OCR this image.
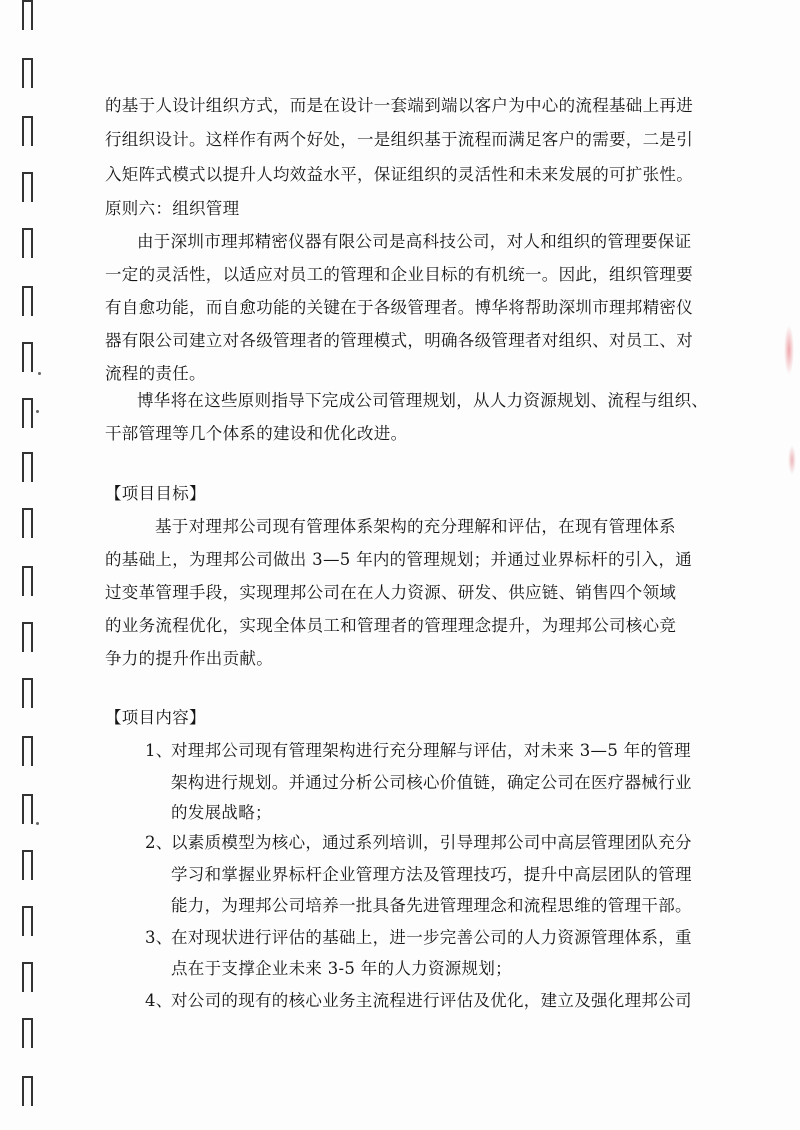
的基于人设计组织方式，而是在设计一套端到端以客户为中心的流程基础上再进
行组织设计。这样作有两个好处，一是组织基于流程而满足客户的需要，二是引
入矩阵式模式以提升人均效益水平，保证组织的灵活性和未来发展的可扩张性。
原则六：组织管理
由于深圳市理邦精密仪器有限公司是高科技公司，对人和组织的管理要保证
一定的灵活性，以适应对员工的管理和企业目标的有机统一。因此，组织管理要
有自愈功能，而自愈功能的关键在于各级管理者。博华将帮助深圳市理邦精密仪
器有限公司建立对各级管理者的管理模式，明确各级管理者对组织、对员工、对
流程的责任。
博华将在这些原则指导下完成公司管理规划，从人力资源规划、流程与组织、
干部管理等几个体系的建设和优化改进。
【项目目标】
基于对理邦公司现有管理体系架构的充分理解和评估，在现有管理体系
的基础上，为理邦公司做出 3—5 年内的管理规划；并通过业界标杆的引入，通
过变革管理手段，实现理邦公司在在人力资源、研发、供应链、销售四个领域
的业务流程优化，实现全体员工和管理者的管理理念提升，为理邦公司核心竞
争力的提升作出贡献。
【项目内容】
1、对理邦公司现有管理架构进行充分理解与评估，对未来 3—5 年的管理
架构进行规划。并通过分析公司核心价值链，确定公司在医疗器械行业
的发展战略；
2、以素质模型为核心，通过系列培训，引导理邦公司中高层管理团队充分
学习和掌握业界标杆企业管理方法及管理技巧，提升中高层团队的管理
能力，为理邦公司培养一批具备先进管理理念和流程思维的管理干部。
3、在对现状进行评估的基础上，进一步完善公司的人力资源管理体系，重
点在于支撑企业未来 3-5 年的人力资源规划；
4、对公司的现有的核心业务主流程进行评估及优化，建立及强化理邦公司
